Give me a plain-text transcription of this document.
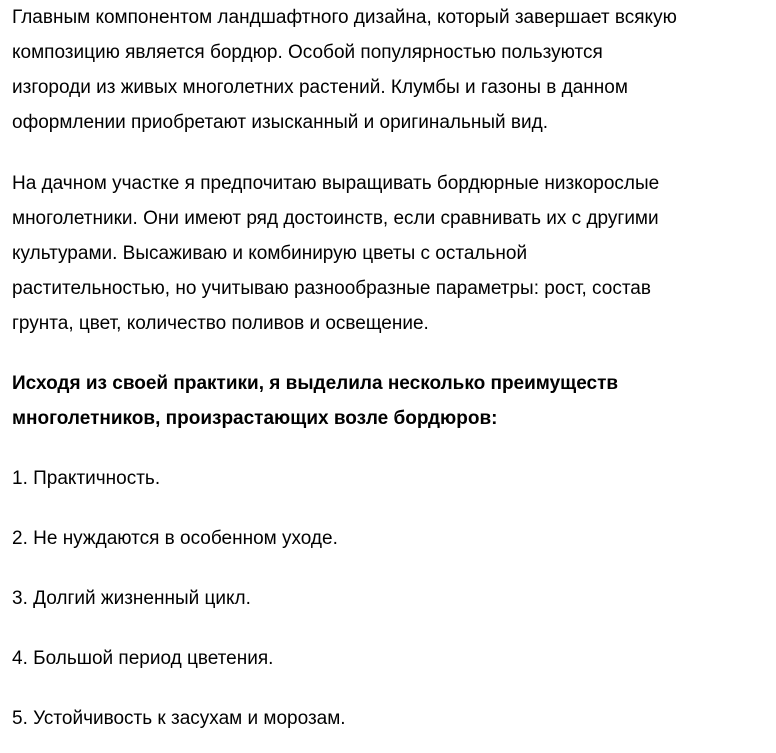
Главным компонентом ландшафтного дизайна, который завершает всякую
композицию является бордюр. Особой популярностью пользуются
изгороди из живых многолетних растений. Клумбы и газоны в данном
оформлении приобретают изысканный и оригинальный вид.

На дачном участке я предпочитаю выращивать бордюрные низкорослые
многолетники. Они имеют ряд достоинств, если сравнивать их с другими
культурами. Высаживаю и комбинирую цветы с остальной
растительностью, но учитываю разнообразные параметры: рост, состав
грунта, цвет, количество поливов и освещение.

Исходя из своей практики, я выделила несколько преимуществ
многолетников, произрастающих возле бордюров:

1. Практичность.

2. Не нуждаются в особенном уходе.

3. Долгий жизненный цикл.

4. Большой период цветения.

5. Устойчивость к засухам и морозам.
